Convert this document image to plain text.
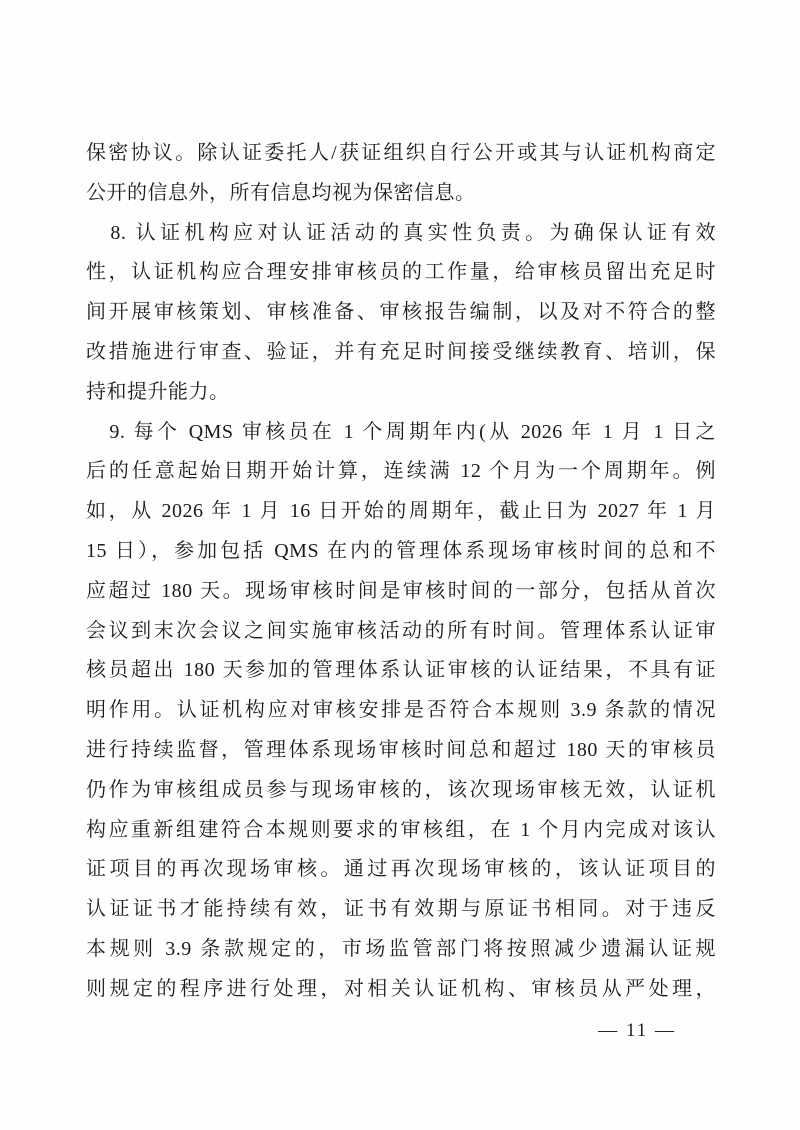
保密协议。除认证委托人/获证组织自行公开或其与认证机构商定
公开的信息外，所有信息均视为保密信息。
　8. 认证机构应对认证活动的真实性负责。为确保认证有效
性，认证机构应合理安排审核员的工作量，给审核员留出充足时
间开展审核策划、审核准备、审核报告编制，以及对不符合的整
改措施进行审查、验证，并有充足时间接受继续教育、培训，保
持和提升能力。
　9. 每个 QMS 审核员在 1 个周期年内(从 2026 年 1 月 1 日之
后的任意起始日期开始计算，连续满 12 个月为一个周期年。例
如，从 2026 年 1 月 16 日开始的周期年，截止日为 2027 年 1 月
15 日），参加包括 QMS 在内的管理体系现场审核时间的总和不
应超过 180 天。现场审核时间是审核时间的一部分，包括从首次
会议到末次会议之间实施审核活动的所有时间。管理体系认证审
核员超出 180 天参加的管理体系认证审核的认证结果，不具有证
明作用。认证机构应对审核安排是否符合本规则 3.9 条款的情况
进行持续监督，管理体系现场审核时间总和超过 180 天的审核员
仍作为审核组成员参与现场审核的，该次现场审核无效，认证机
构应重新组建符合本规则要求的审核组，在 1 个月内完成对该认
证项目的再次现场审核。通过再次现场审核的，该认证项目的
认证证书才能持续有效，证书有效期与原证书相同。对于违反
本规则 3.9 条款规定的，市场监管部门将按照减少遗漏认证规
则规定的程序进行处理，对相关认证机构、审核员从严处理，
— 11 —
